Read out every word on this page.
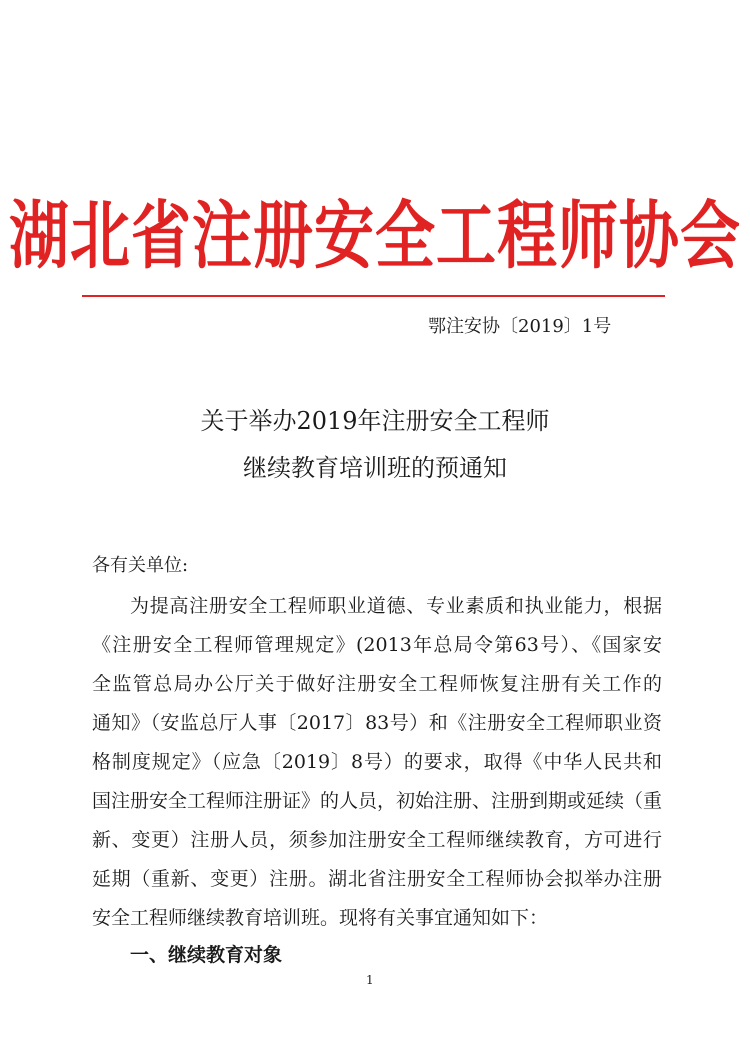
湖北省注册安全工程师协会
鄂注安协〔2019〕1号
关于举办2019年注册安全工程师
继续教育培训班的预通知
各有关单位:
为提高注册安全工程师职业道德、专业素质和执业能力，根据
《注册安全工程师管理规定》(2013年总局令第63号）、《国家安
全监管总局办公厅关于做好注册安全工程师恢复注册有关工作的
通知》（安监总厅人事〔2017〕83号）和《注册安全工程师职业资
格制度规定》（应急〔2019〕8号）的要求，取得《中华人民共和
国注册安全工程师注册证》的人员，初始注册、注册到期或延续（重
新、变更）注册人员，须参加注册安全工程师继续教育，方可进行
延期（重新、变更）注册。湖北省注册安全工程师协会拟举办注册
安全工程师继续教育培训班。现将有关事宜通知如下：
一、继续教育对象
1
